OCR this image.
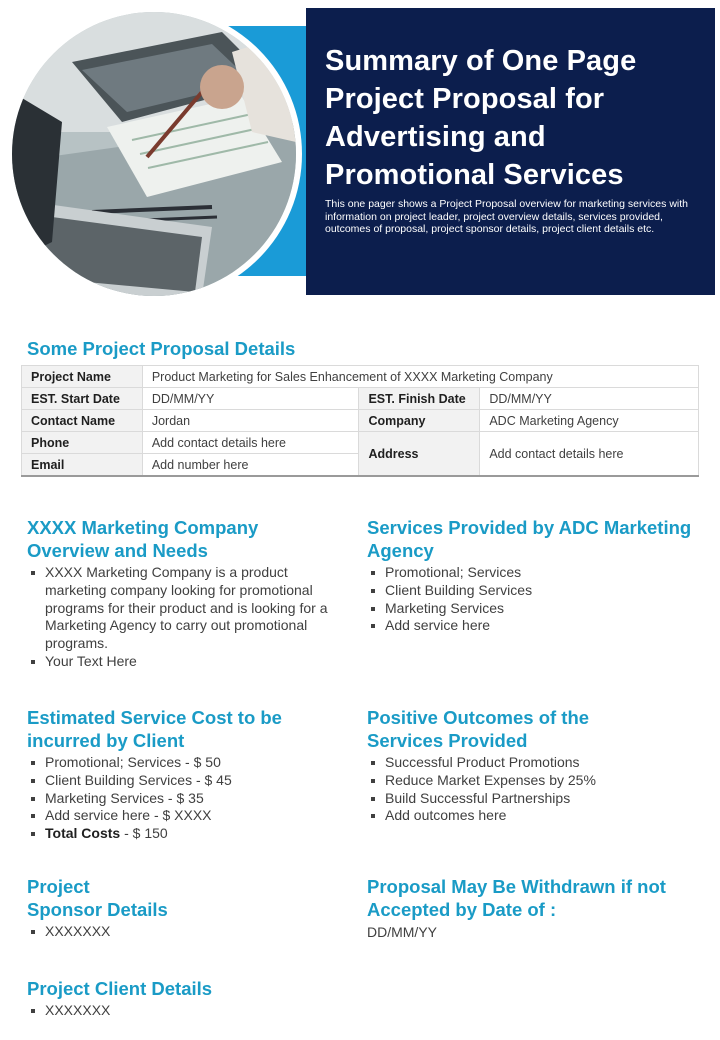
Summary of One Page Project Proposal for Advertising and Promotional Services

This one pager shows a Project Proposal overview for marketing services with information on project leader, project overview details, services provided, outcomes of proposal, project sponsor details, project client details etc.

Some Project Proposal Details
Project Name	Product Marketing for Sales Enhancement of XXXX Marketing Company		
EST. Start Date	DD/MM/YY	EST. Finish Date	DD/MM/YY
Contact Name	Jordan	Company	ADC Marketing Agency
Phone	Add contact details here	Address	Add contact details here
Email	Add number here		
XXXX Marketing Company Overview and Needs
XXXX Marketing Company is a product marketing company looking for promotional programs for their product and is looking for a Marketing Agency to carry out promotional programs.
Your Text Here
Services Provided by ADC Marketing Agency
Promotional; Services
Client Building Services
Marketing Services
Add service here
Estimated Service Cost to be incurred by Client
Promotional; Services - $ 50
Client Building Services - $ 45
Marketing Services - $ 35
Add service here - $ XXXX
Total Costs - $ 150
Positive Outcomes of the Services Provided
Successful Product Promotions
Reduce Market Expenses by 25%
Build Successful Partnerships
Add outcomes here
Project
Sponsor Details
XXXXXXX
Proposal May Be Withdrawn if not Accepted by Date of :

DD/MM/YY

Project Client Details
XXXXXXX
